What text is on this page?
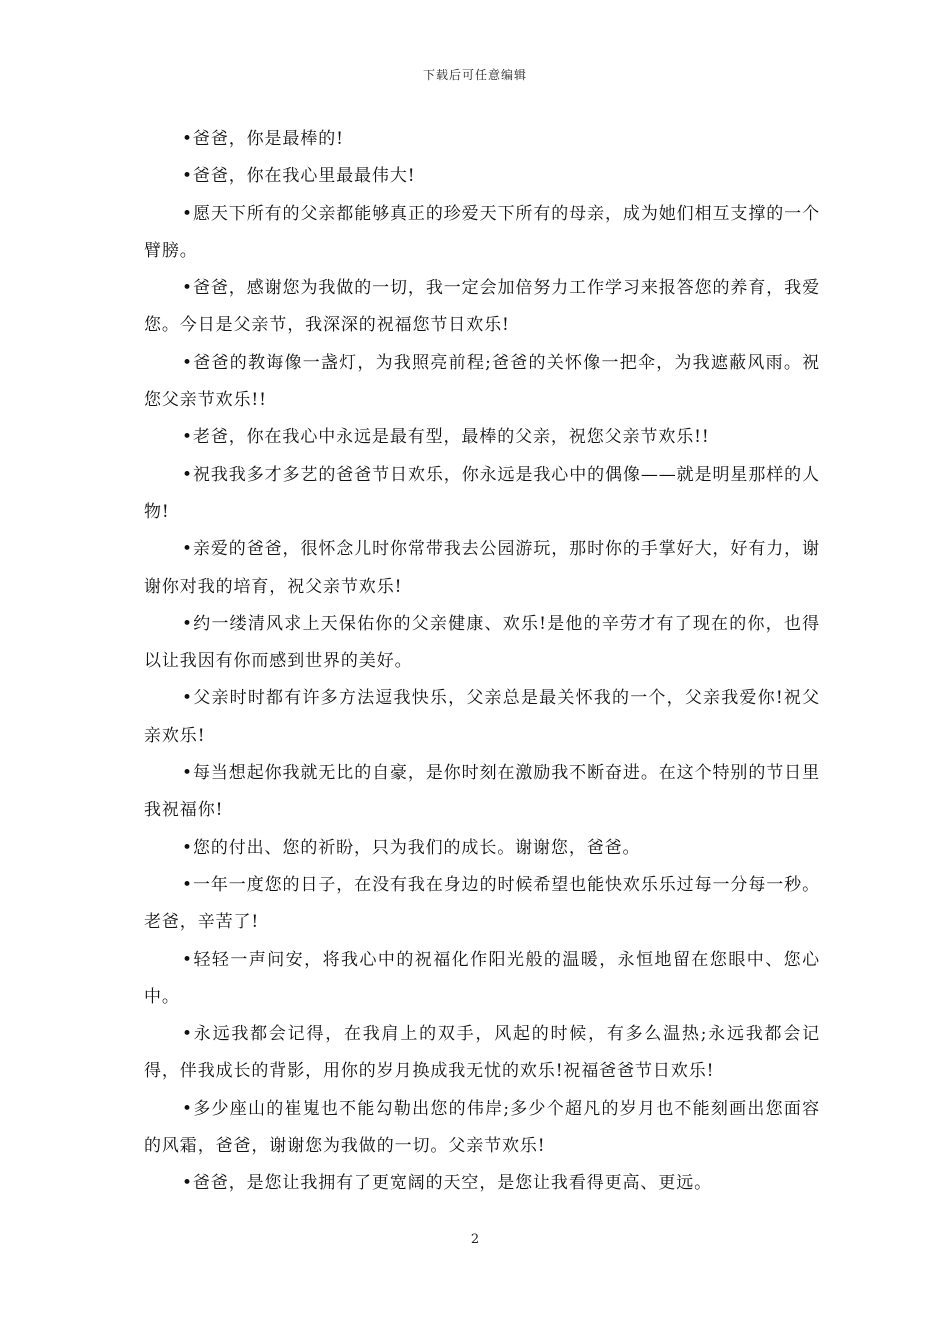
下载后可任意编辑

•爸爸，你是最棒的!

•爸爸，你在我心里最最伟大!

•愿天下所有的父亲都能够真正的珍爱天下所有的母亲，成为她们相互支撑的一个臂膀。

•爸爸，感谢您为我做的一切，我一定会加倍努力工作学习来报答您的养育，我爱您。今日是父亲节，我深深的祝福您节日欢乐!

•爸爸的教诲像一盏灯，为我照亮前程;爸爸的关怀像一把伞，为我遮蔽风雨。祝您父亲节欢乐!!

•老爸，你在我心中永远是最有型，最棒的父亲，祝您父亲节欢乐!!

•祝我我多才多艺的爸爸节日欢乐，你永远是我心中的偶像——就是明星那样的人物!

•亲爱的爸爸，很怀念儿时你常带我去公园游玩，那时你的手掌好大，好有力，谢谢你对我的培育，祝父亲节欢乐!

•约一缕清风求上天保佑你的父亲健康、欢乐!是他的辛劳才有了现在的你，也得以让我因有你而感到世界的美好。

•父亲时时都有许多方法逗我快乐，父亲总是最关怀我的一个，父亲我爱你!祝父亲欢乐!

•每当想起你我就无比的自豪，是你时刻在激励我不断奋进。在这个特别的节日里我祝福你!

•您的付出、您的祈盼，只为我们的成长。谢谢您，爸爸。

•一年一度您的日子，在没有我在身边的时候希望也能快欢乐乐过每一分每一秒。老爸，辛苦了!

•轻轻一声问安，将我心中的祝福化作阳光般的温暖，永恒地留在您眼中、您心中。

•永远我都会记得，在我肩上的双手，风起的时候，有多么温热;永远我都会记得，伴我成长的背影，用你的岁月换成我无忧的欢乐!祝福爸爸节日欢乐!

•多少座山的崔嵬也不能勾勒出您的伟岸;多少个超凡的岁月也不能刻画出您面容的风霜，爸爸，谢谢您为我做的一切。父亲节欢乐!

•爸爸，是您让我拥有了更宽阔的天空，是您让我看得更高、更远。

2
